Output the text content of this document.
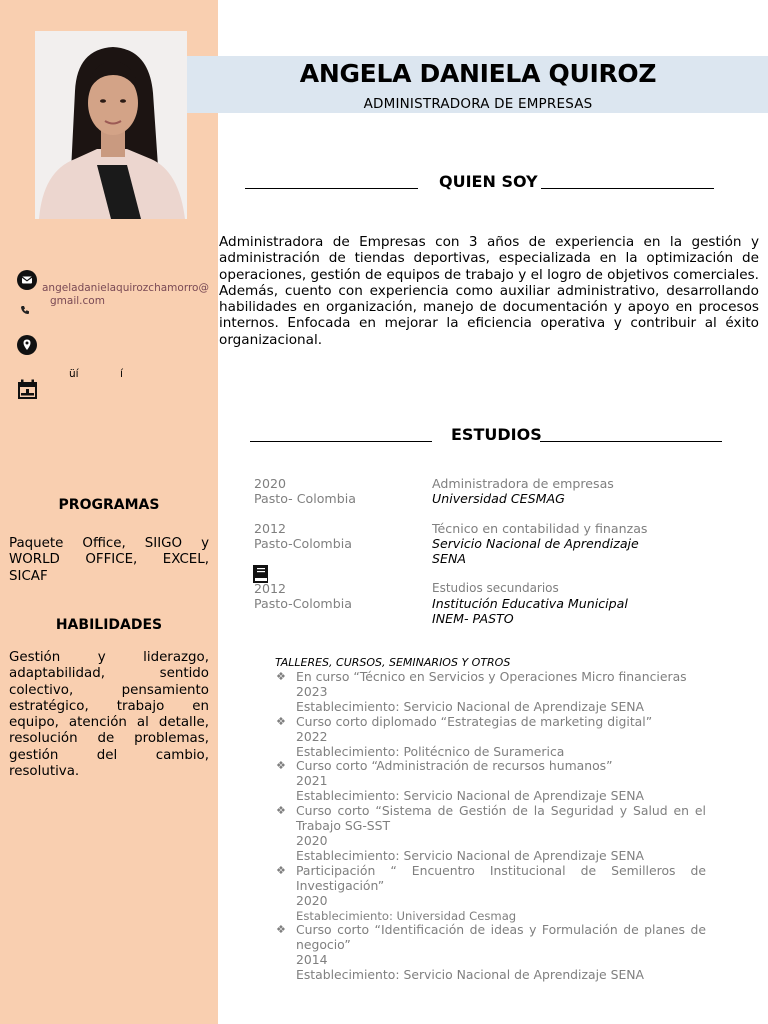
ANGELA DANIELA QUIROZ
ADMINISTRADORA DE EMPRESAS
QUIEN SOY
Administradora de Empresas con 3 años de experiencia en la gestión y administración de tiendas deportivas, especializada en la optimización de operaciones, gestión de equipos de trabajo y el logro de objetivos comerciales. Además, cuento con experiencia como auxiliar administrativo, desarrollando habilidades en organización, manejo de documentación y apoyo en procesos internos. Enfocada en mejorar la eficiencia operativa y contribuir al éxito organizacional.
angeladanielaquirozchamorro@
gmail.com
üí	í
PROGRAMAS
Paquete Office, SIIGO y WORLD OFFICE, EXCEL, SICAF
HABILIDADES
Gestión y liderazgo, adaptabilidad, sentido colectivo, pensamiento estratégico, trabajo en equipo, atención al detalle, resolución de problemas, gestión del cambio, resolutiva.
ESTUDIOS
2020
Pasto- Colombia
Administradora de empresas
Universidad CESMAG
2012
Pasto-Colombia
Técnico en contabilidad y finanzas
Servicio Nacional de Aprendizaje
SENA
2012
Pasto-Colombia
Estudios secundarios
Institución Educativa Municipal
INEM- PASTO
TALLERES, CURSOS, SEMINARIOS Y OTROS
❖ En curso “Técnico en Servicios y Operaciones Micro financieras
2023
Establecimiento: Servicio Nacional de Aprendizaje SENA
❖ Curso corto diplomado “Estrategias de marketing digital”
2022
Establecimiento: Politécnico de Suramerica
❖ Curso corto “Administración de recursos humanos”
2021
Establecimiento: Servicio Nacional de Aprendizaje SENA
❖ Curso corto “Sistema de Gestión de la Seguridad y Salud en el Trabajo SG-SST
2020
Establecimiento: Servicio Nacional de Aprendizaje SENA
❖ Participación “ Encuentro Institucional de Semilleros de Investigación”
2020
Establecimiento: Universidad Cesmag
❖ Curso corto “Identificación de ideas y Formulación de planes de negocio”
2014
Establecimiento: Servicio Nacional de Aprendizaje SENA
